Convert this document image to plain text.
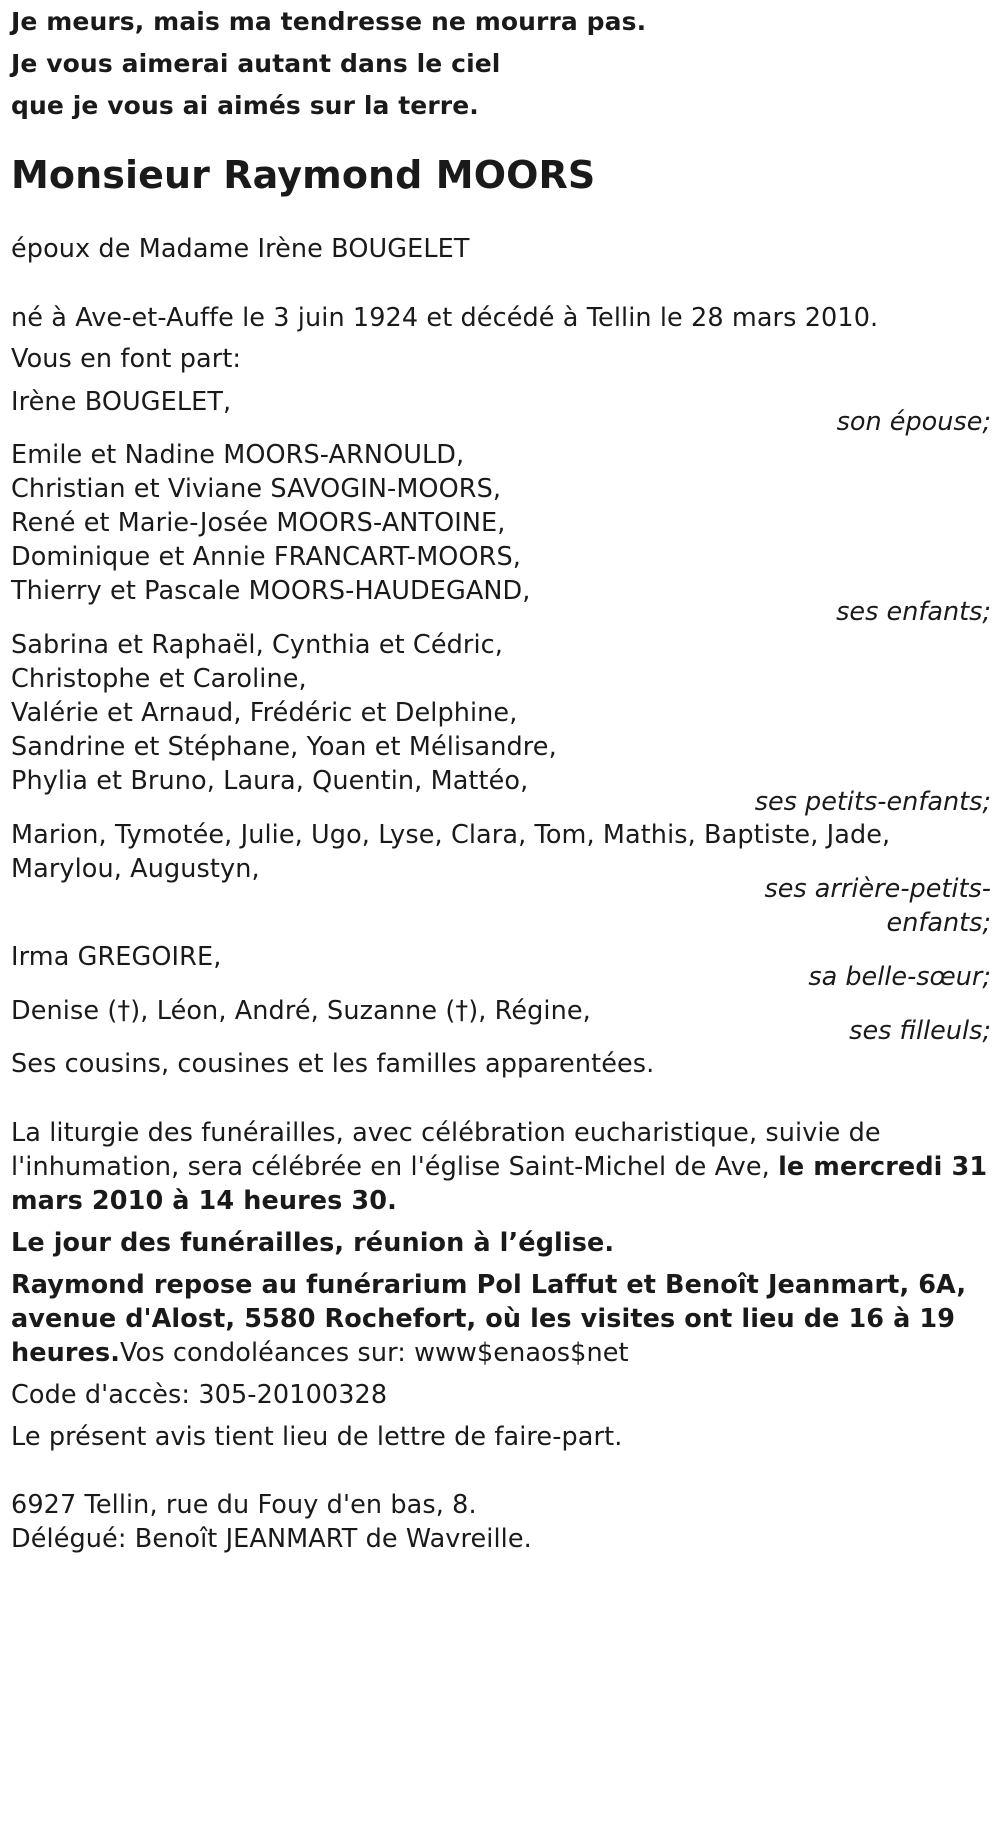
Je meurs, mais ma tendresse ne mourra pas.
Je vous aimerai autant dans le ciel
que je vous ai aimés sur la terre.
Monsieur Raymond MOORS
époux de Madame Irène BOUGELET
né à Ave-et-Auffe le 3 juin 1924 et décédé à Tellin le 28 mars 2010.
Vous en font part:
Irène BOUGELET,
son épouse;
Emile et Nadine MOORS-ARNOULD,
Christian et Viviane SAVOGIN-MOORS,
René et Marie-Josée MOORS-ANTOINE,
Dominique et Annie FRANCART-MOORS,
Thierry et Pascale MOORS-HAUDEGAND,
ses enfants;
Sabrina et Raphaël, Cynthia et Cédric,
Christophe et Caroline,
Valérie et Arnaud, Frédéric et Delphine,
Sandrine et Stéphane, Yoan et Mélisandre,
Phylia et Bruno, Laura, Quentin, Mattéo,
ses petits-enfants;
Marion, Tymotée, Julie, Ugo, Lyse, Clara, Tom, Mathis, Baptiste, Jade,
Marylou, Augustyn,
ses arrière-petits-
enfants;
Irma GREGOIRE,
sa belle-sœur;
Denise (†), Léon, André, Suzanne (†), Régine,
ses filleuls;
Ses cousins, cousines et les familles apparentées.
La liturgie des funérailles, avec célébration eucharistique, suivie de
l'inhumation, sera célébrée en l'église Saint-Michel de Ave, le mercredi 31
mars 2010 à 14 heures 30.
Le jour des funérailles, réunion à l’église.
Raymond repose au funérarium Pol Laffut et Benoît Jeanmart, 6A,
avenue d'Alost, 5580 Rochefort, où les visites ont lieu de 16 à 19
heures.Vos condoléances sur: www$enaos$net
Code d'accès: 305-20100328
Le présent avis tient lieu de lettre de faire-part.
6927 Tellin, rue du Fouy d'en bas, 8.
Délégué: Benoît JEANMART de Wavreille.
